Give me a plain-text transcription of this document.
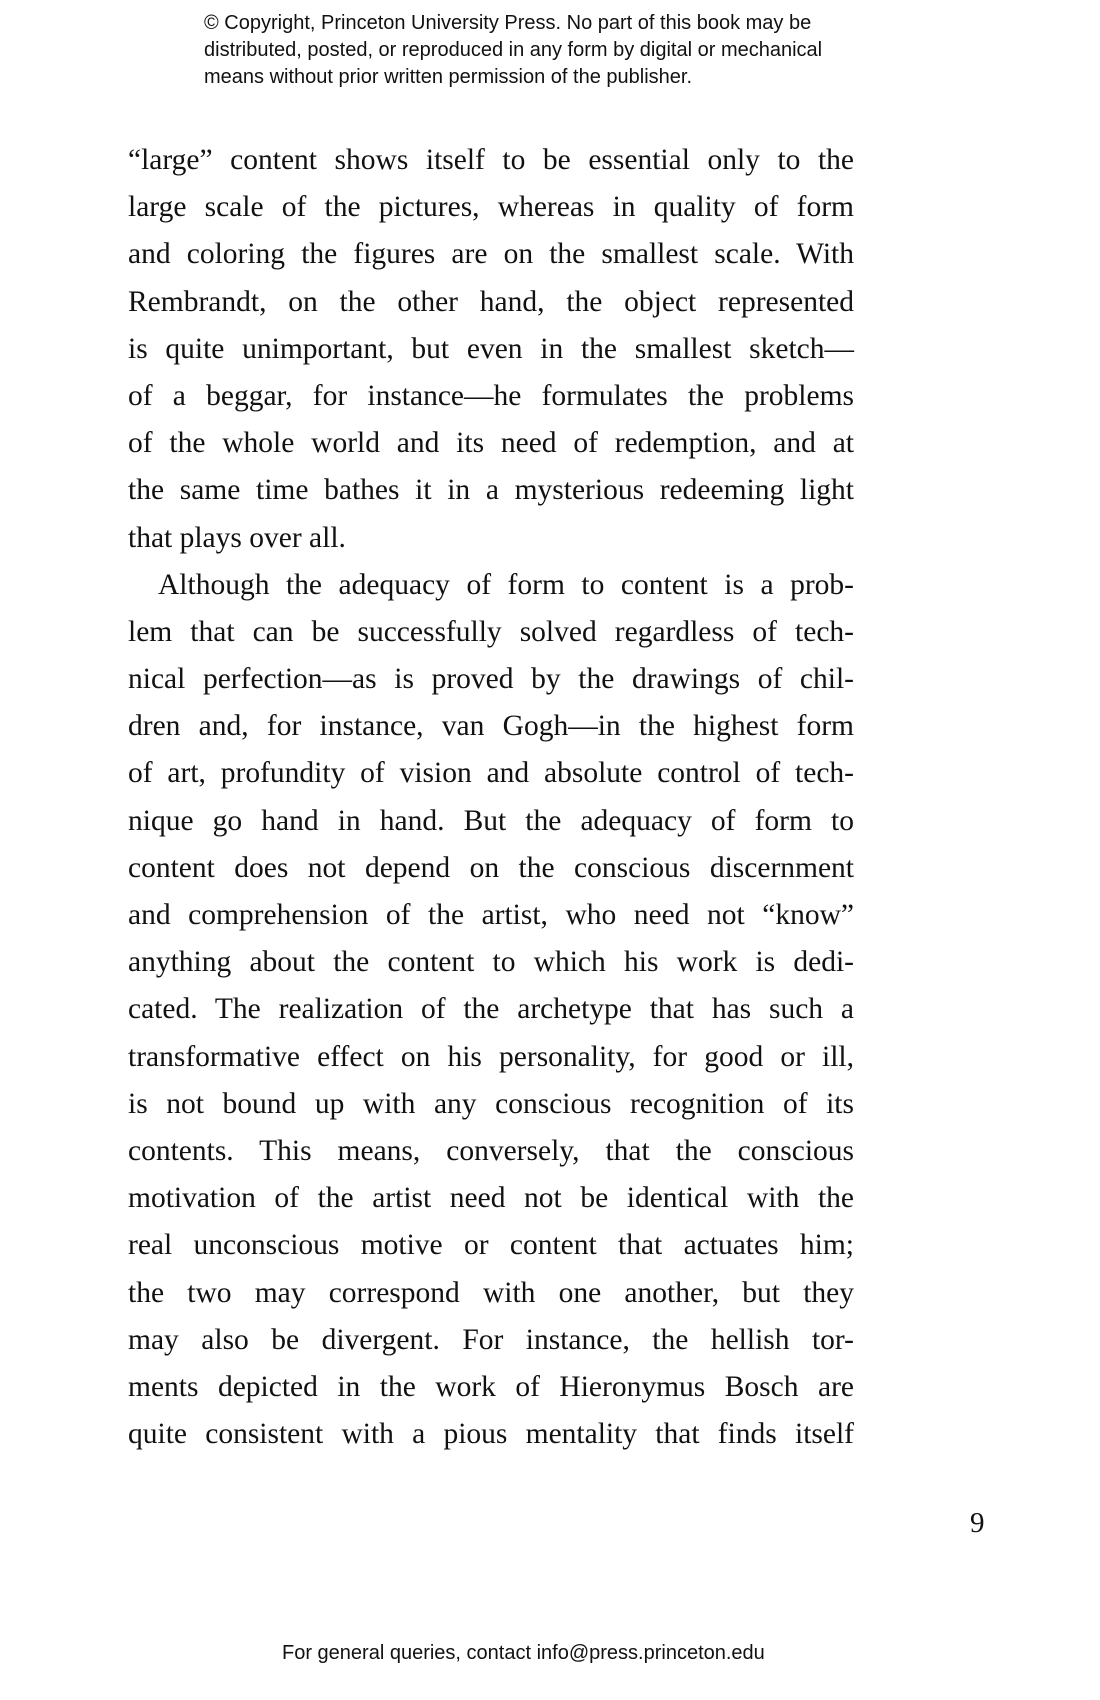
© Copyright, Princeton University Press. No part of this book may be
distributed, posted, or reproduced in any form by digital or mechanical
means without prior written permission of the publisher.
“large” content shows itself to be essential only to the
large scale of the pictures, whereas in quality of form
and coloring the figures are on the smallest scale. With
Rembrandt, on the other hand, the object represented
is quite unimportant, but even in the smallest sketch—
of a beggar, for instance—he formulates the problems
of the whole world and its need of redemption, and at
the same time bathes it in a mysterious redeeming light
that plays over all.
Although the adequacy of form to content is a prob-
lem that can be successfully solved regardless of tech-
nical perfection—as is proved by the drawings of chil-
dren and, for instance, van Gogh—in the highest form
of art, profundity of vision and absolute control of tech-
nique go hand in hand. But the adequacy of form to
content does not depend on the conscious discernment
and comprehension of the artist, who need not “know”
anything about the content to which his work is dedi-
cated. The realization of the archetype that has such a
transformative effect on his personality, for good or ill,
is not bound up with any conscious recognition of its
contents. This means, conversely, that the conscious
motivation of the artist need not be identical with the
real unconscious motive or content that actuates him;
the two may correspond with one another, but they
may also be divergent. For instance, the hellish tor-
ments depicted in the work of Hieronymus Bosch are
quite consistent with a pious mentality that finds itself
9
For general queries, contact info@press.princeton.edu
